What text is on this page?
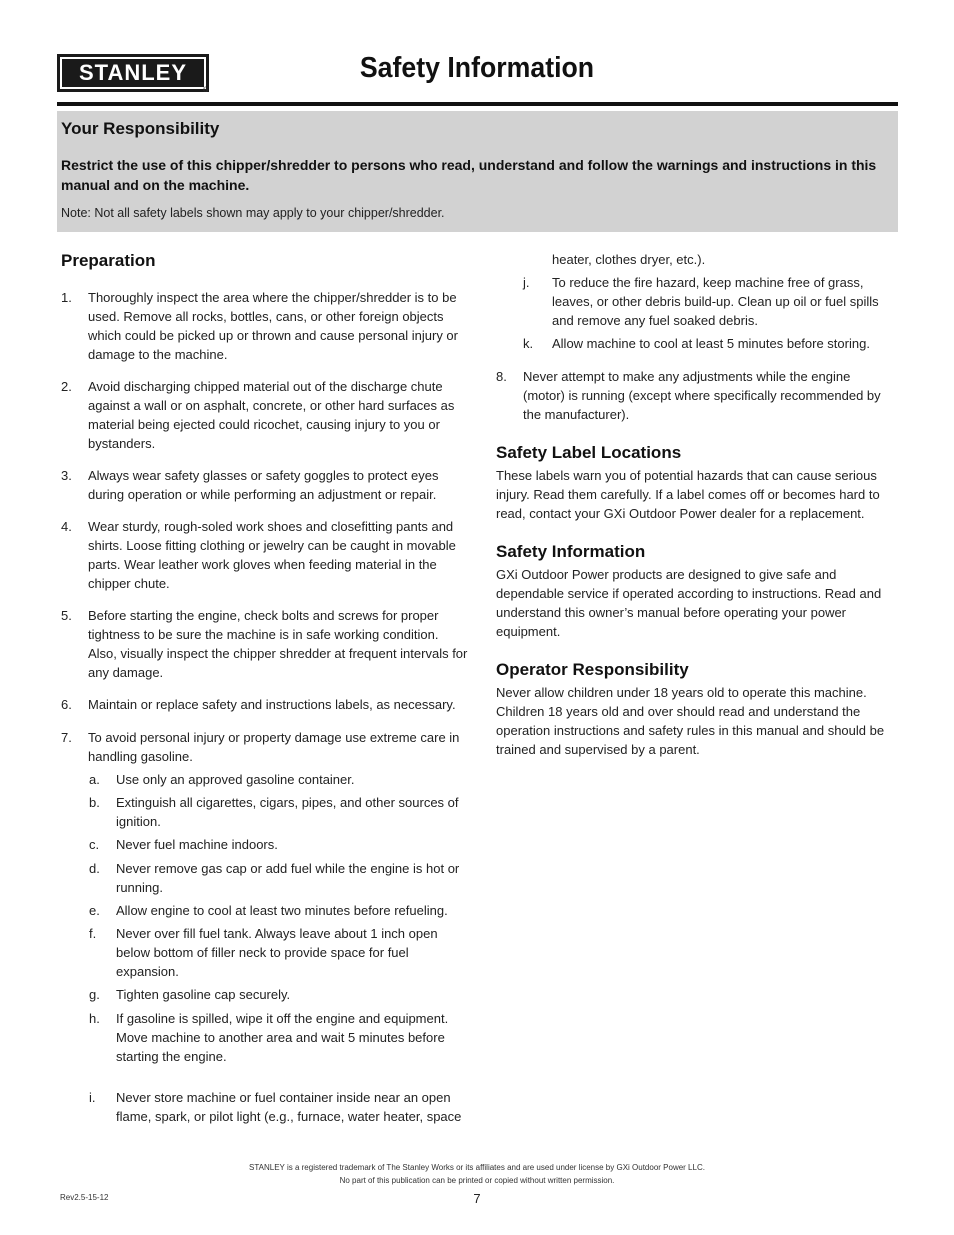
STANLEY
®
Safety Information
Your Responsibility
Restrict the use of this chipper/shredder to persons who read, understand and follow the warnings and instructions in this manual and on the machine.
Note: Not all safety labels shown may apply to your chipper/shredder.
Preparation
1. Thoroughly inspect the area where the chipper/shredder is to be used. Remove all rocks, bottles, cans, or other foreign objects which could be picked up or thrown and cause personal injury or damage to the machine.
2. Avoid discharging chipped material out of the discharge chute against a wall or on asphalt, concrete, or other hard surfaces as material being ejected could ricochet, causing injury to you or bystanders.
3. Always wear safety glasses or safety goggles to protect eyes during operation or while performing an adjustment or repair.
4. Wear sturdy, rough-soled work shoes and closefitting pants and shirts. Loose fitting clothing or jewelry can be caught in movable parts. Wear leather work gloves when feeding material in the chipper chute.
5. Before starting the engine, check bolts and screws for proper tightness to be sure the machine is in safe working condition. Also, visually inspect the chipper shredder at frequent intervals for any damage.
6. Maintain or replace safety and instructions labels, as necessary.
7. To avoid personal injury or property damage use extreme care in handling gasoline.
a. Use only an approved gasoline container.
b. Extinguish all cigarettes, cigars, pipes, and other sources of ignition.
c. Never fuel machine indoors.
d. Never remove gas cap or add fuel while the engine is hot or running.
e. Allow engine to cool at least two minutes before refueling.
f. Never over fill fuel tank. Always leave about 1 inch open below bottom of filler neck to provide space for fuel expansion.
g. Tighten gasoline cap securely.
h. If gasoline is spilled, wipe it off the engine and equipment. Move machine to another area and wait 5 minutes before starting the engine.
i. Never store machine or fuel container inside near an open flame, spark, or pilot light (e.g., furnace, water heater, space
heater, clothes dryer, etc.).
j. To reduce the fire hazard, keep machine free of grass, leaves, or other debris build-up. Clean up oil or fuel spills and remove any fuel soaked debris.
k. Allow machine to cool at least 5 minutes before storing.
8. Never attempt to make any adjustments while the engine (motor) is running (except where specifically recommended by the manufacturer).
Safety Label Locations
These labels warn you of potential hazards that can cause serious injury. Read them carefully. If a label comes off or becomes hard to read, contact your GXi Outdoor Power dealer for a replacement.
Safety Information
GXi Outdoor Power products are designed to give safe and dependable service if operated according to instructions. Read and understand this owner’s manual before operating your power equipment.
Operator Responsibility
Never allow children under 18 years old to operate this machine. Children 18 years old and over should read and understand the operation instructions and safety rules in this manual and should be trained and supervised by a parent.
STANLEY is a registered trademark of The Stanley Works or its affiliates and are used under license by GXi Outdoor Power LLC.
No part of this publication can be printed or copied without written permission.
Rev2.5-15-12	7
